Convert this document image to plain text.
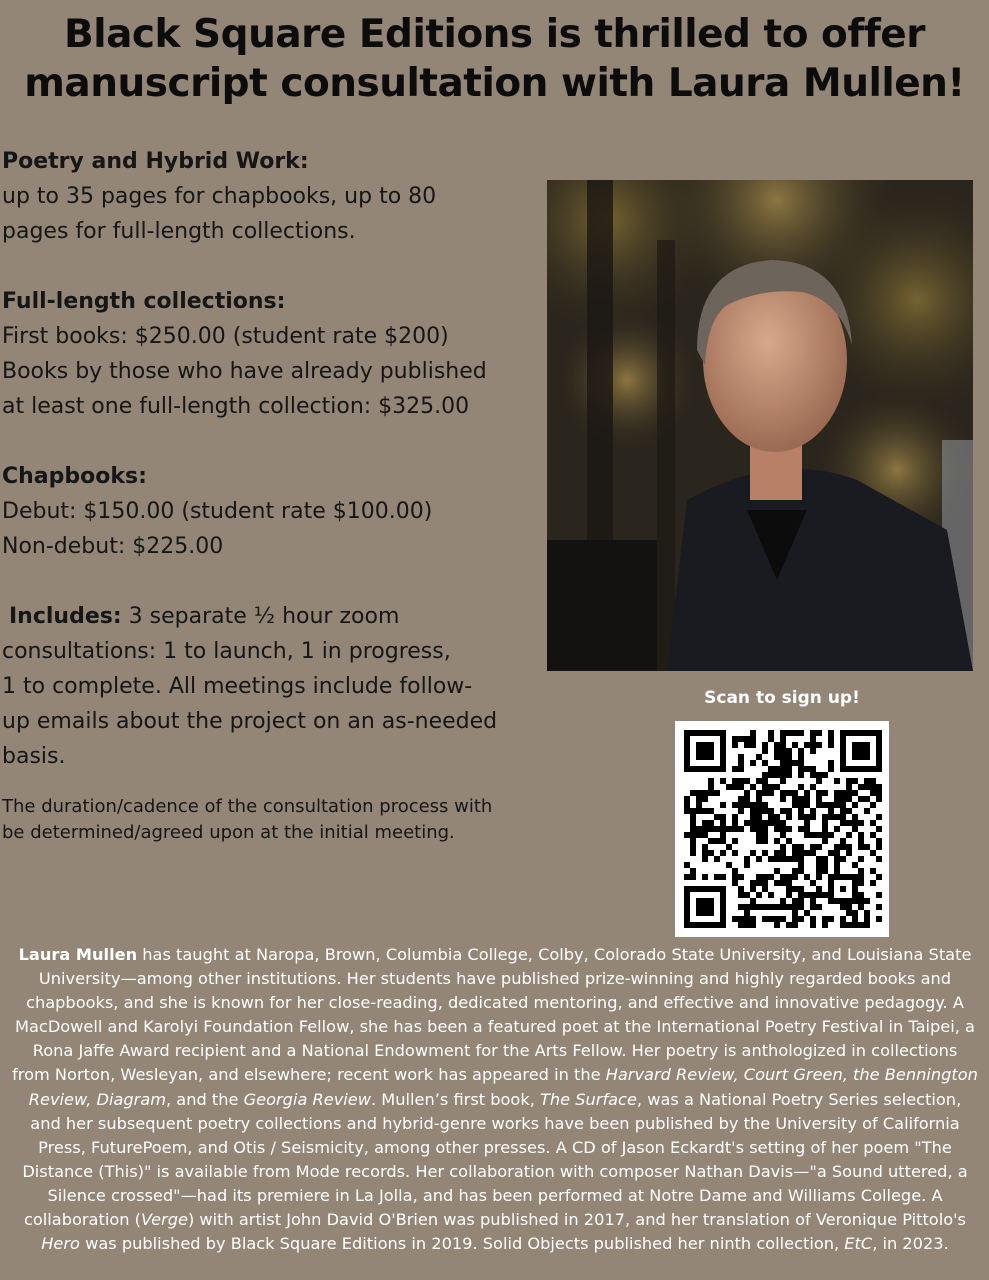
Black Square Editions is thrilled to offer
manuscript consultation with Laura Mullen!
Poetry and Hybrid Work:
up to 35 pages for chapbooks, up to 80
pages for full-length collections.
Full-length collections:
First books: $250.00 (student rate $200)
Books by those who have already published
at least one full-length collection: $325.00
Chapbooks:
Debut: $150.00 (student rate $100.00)
Non-debut: $225.00
Includes: 3 separate ½ hour zoom
consultations: 1 to launch, 1 in progress,
1 to complete. All meetings include follow-
up emails about the project on an as-needed
basis.
The duration/cadence of the consultation process with
be determined/agreed upon at the initial meeting.
Scan to sign up!
Laura Mullen has taught at Naropa, Brown, Columbia College, Colby, Colorado State University, and Louisiana State University—among other institutions. Her students have published prize-winning and highly regarded books and chapbooks, and she is known for her close-reading, dedicated mentoring, and effective and innovative pedagogy. A MacDowell and Karolyi Foundation Fellow, she has been a featured poet at the International Poetry Festival in Taipei, a Rona Jaffe Award recipient and a National Endowment for the Arts Fellow. Her poetry is anthologized in collections from Norton, Wesleyan, and elsewhere; recent work has appeared in the Harvard Review, Court Green, the Bennington Review, Diagram, and the Georgia Review. Mullen’s first book, The Surface, was a National Poetry Series selection, and her subsequent poetry collections and hybrid-genre works have been published by the University of California Press, FuturePoem, and Otis / Seismicity, among other presses. A CD of Jason Eckardt's setting of her poem "The Distance (This)" is available from Mode records. Her collaboration with composer Nathan Davis—"a Sound uttered, a Silence crossed"—had its premiere in La Jolla, and has been performed at Notre Dame and Williams College. A collaboration (Verge) with artist John David O'Brien was published in 2017, and her translation of Veronique Pittolo's Hero was published by Black Square Editions in 2019. Solid Objects published her ninth collection, EtC, in 2023.
